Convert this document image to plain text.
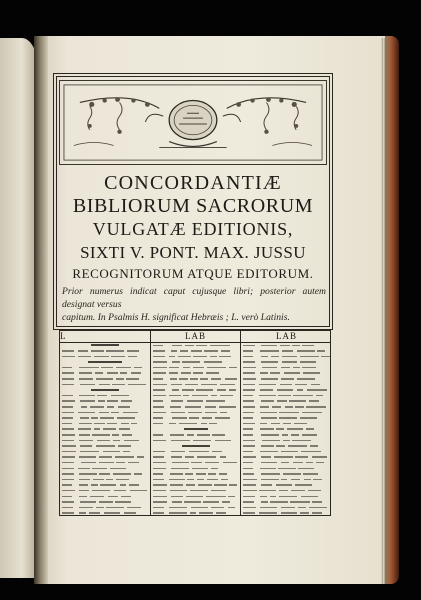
CONCORDANTIÆ
BIBLIORUM SACRORUM
VULGATÆ EDITIONIS,
SIXTI V. PONT. MAX. JUSSU
RECOGNITORUM ATQUE EDITORUM.
Prior numerus indicat caput cujusque libri; posterior autem designat versus
capitum. In Psalmis H. significat Hebræis ; L. verò Latinis.
L	LAB	LAB
